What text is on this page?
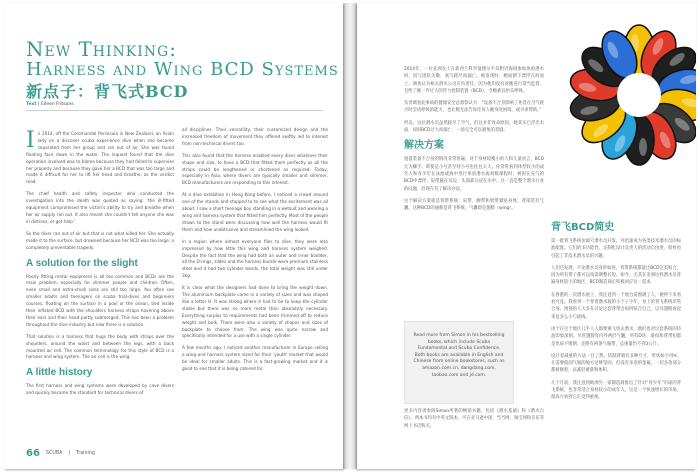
New Thinking:
Harness and Wing BCD Systems
新点子：背飞式BCD
Text | Eileen Fritsons

In 2014, off the Coromandel Peninsula in New Zealand, an Asian lady on a discover scuba experience dive when she became separated from her group and ran out of air. She was found floating face down in the water. The inquest found that the dive operation involved was to blame because they had failed to supervise her properly and because they gave her a BCD that was too large and made it difficult for her to lift her head and breathe, as the verdict read.

The chief health and safety inspector who conducted the investigation into the death was quoted as saying: 'the ill-fitted equipment compromised the victim's ability to try and breathe when her air supply ran out. It also meant she couldn't tell anyone she was in distress, or get help.'

So the diver ran out of air but that is not what killed her. She actually made it to the surface, but drowned because her BCD was too large: a completely preventable tragedy.

A solution for the slight

Poorly fitting rental equipment is all too common and BCDs are the main problem, especially for slimmer people and children. Often, even small and extra-small sizes are still too large. You often see smaller adults and teenagers on scuba trial-dives and beginners courses, floating on the surface in a pool or the ocean, tied inside their inflated BCD with the shoulders harness straps hovering above their ears and their head partly submerged. This has been a problem throughout the dive industry but now there is a solution.

That solution is a harness that hugs the body with straps over the shoulders, around the waist and between the legs, with a back mounted air cell. The common terminology for this style of BCD is a harness and wing system. The air cell is the wing.

A little history

The first harness and wing systems were developed by cave divers and quickly became the standard for technical divers of

all disciplines. Their versatility, their customized design and the increased freedom of movement they offered swiftly led to interest from non-technical divers too.

This also found that the harness enabled every diver whatever their shape and size, to have a BCD that fitted them perfectly as all the straps could be lengthened or shortened as required. Today, especially in Asia, where divers are typically smaller and slimmer, BCD manufacturers are responding to this interest.

At a dive exhibition in Hong Kong before, I noticed a crowd around one of the stands and stopped to to see what the excitement was all about. I saw a short teenage boy standing in a wetsuit and wearing a wing and harness system that fitted him perfectly. Most of the people drawn to the stand were discussing how well the harness would fit them and how unobtrusive and streamlined the wing looked.

In a region where almost everyone flies to dive, they were also impressed by how little this wing and harness system weighed. Despite the fact that the wing had both an outer and inner bladder, all the D-rings, slides and the harness buckle were premium stainless steel and it had two cylinder bands, the total weight was still under 3kg.

It is clear what the designers had done to bring the weight down. The aluminium backplate came in a variety of sizes and was shaped like a letter H. It was strong where it had to be to keep the cylinder stable but there was no more metal than absolutely necessary. Everything surplus to requirements had been trimmed off to reduce weight and bulk. There were also a variety of shapes and sizes of backplate to choose from. The wing was quite narrow and specifically intended for a use with a single cylinder.

A few months ago, I noticed another manufacturer in Europe selling a wing and harness system sized for their 'youth' market that would be ideal for smaller adults. This is a fast-growing market and it is good to see that it is being catered for.

66 SCUBA | Training

2014年，一位亚洲女士在新西兰科罗曼德尔半岛附近海域参加体验潜水时，因与团队失散，氧气耗尽而溺亡。被发现时，她面朝下漂浮在海面上。调查认为相关潜水公司应负责任，因为他们没有对她进行适当监督，且给了她一件过大的浮力控制装置（BCD），令她难以抬头呼吸。

负责调查此事故的健康安全总督察认为：“设备不合身影响了死者在空气耗尽时尝试呼吸的能力，也让她无法告诉任何人她身处困境，或寻求帮助。”

所以，这位潜水员虽然耗尽了空气，但这并非致命原因。她其实已浮出水面，却因BCD过大而溺亡：一场完全可以避免的悲剧。

解决方案

租借装备不合身的情况非常普遍，对于身材较瘦小的人和儿童而言，BCD尤为棘手。即使是小号甚至特小号也往往太大。你常常看到体型较小的成年人和青少年在泳池或海中进行体验潜水或初级课程时，被困在充气的BCD中漂浮，肩带悬在耳边，头部部分浸在水中。这一直是整个潜水行业的问题，但现在有了解决办法。

这个解决方案就是背带系统：肩带、腰带和胯带紧贴身体，背部装有气囊。这种BCD的通称是背飞系统，气囊即是翅膀（wing）。

Read more from Simon in his bestselling books, which include Scuba Fundamental and Scuba Confidence. Both books are available in English and Chinese from online bookstores, such as amazon.com.cn, dangdang.com, taobao.com and jd.com.

更多内容请参阅Simon所著的畅销书籍，包括《潜水基础》和《潜水自信》。两本书均有中英文版本，可在亚马逊中国、当当网、淘宝网和京东等网上书店购买。

背飞BCD简史

第一批背飞系统由洞穴潜水员开发，并迅速成为各类技术潜水员的标准配置。它们的多功能性、定制化设计及更大的活动自由度，很快也引起了非技术潜水员的兴趣。

人们还发现，不论潜水员身形如何，背带系统都能让BCD完美贴合，因为所有带子都可以按需调整长短。如今，尤其在亚洲这样潜水员普遍身材较小的地区，BCD制造商正积极回应这一需求。

在香港的一次潜水展上，我注意到一个展台前围满了人，便停下来看看究竟。我看到一个穿着潜水服的小个子少年，身上的背飞系统非常合身。围观的人大多在讨论这套背带会如何贴合自己，以及翅膀看起来是多么小巧流线。

由于在这个地区几乎人人都要乘飞机去潜水，他们也对这套系统的轻盈印象深刻。尽管翅膀有内外两层气囊，所有D环、滑扣和背带扣都是优质不锈钢，还附有两条气瓶带，总重量仍不到3公斤。

设计者减重的方法一目了然。铝制背板有多种尺寸，形状如字母H，在需要稳固气瓶的地方足够坚固，但没有多余的金属。一切多余部分都被修剪，以减轻重量和体积。

几个月前，我注意到欧洲另一家制造商推出了针对“青少年”市场的背飞系统，也非常适合身材较小的成年人。这是一个快速增长的市场，很高兴看到它正受到重视。
